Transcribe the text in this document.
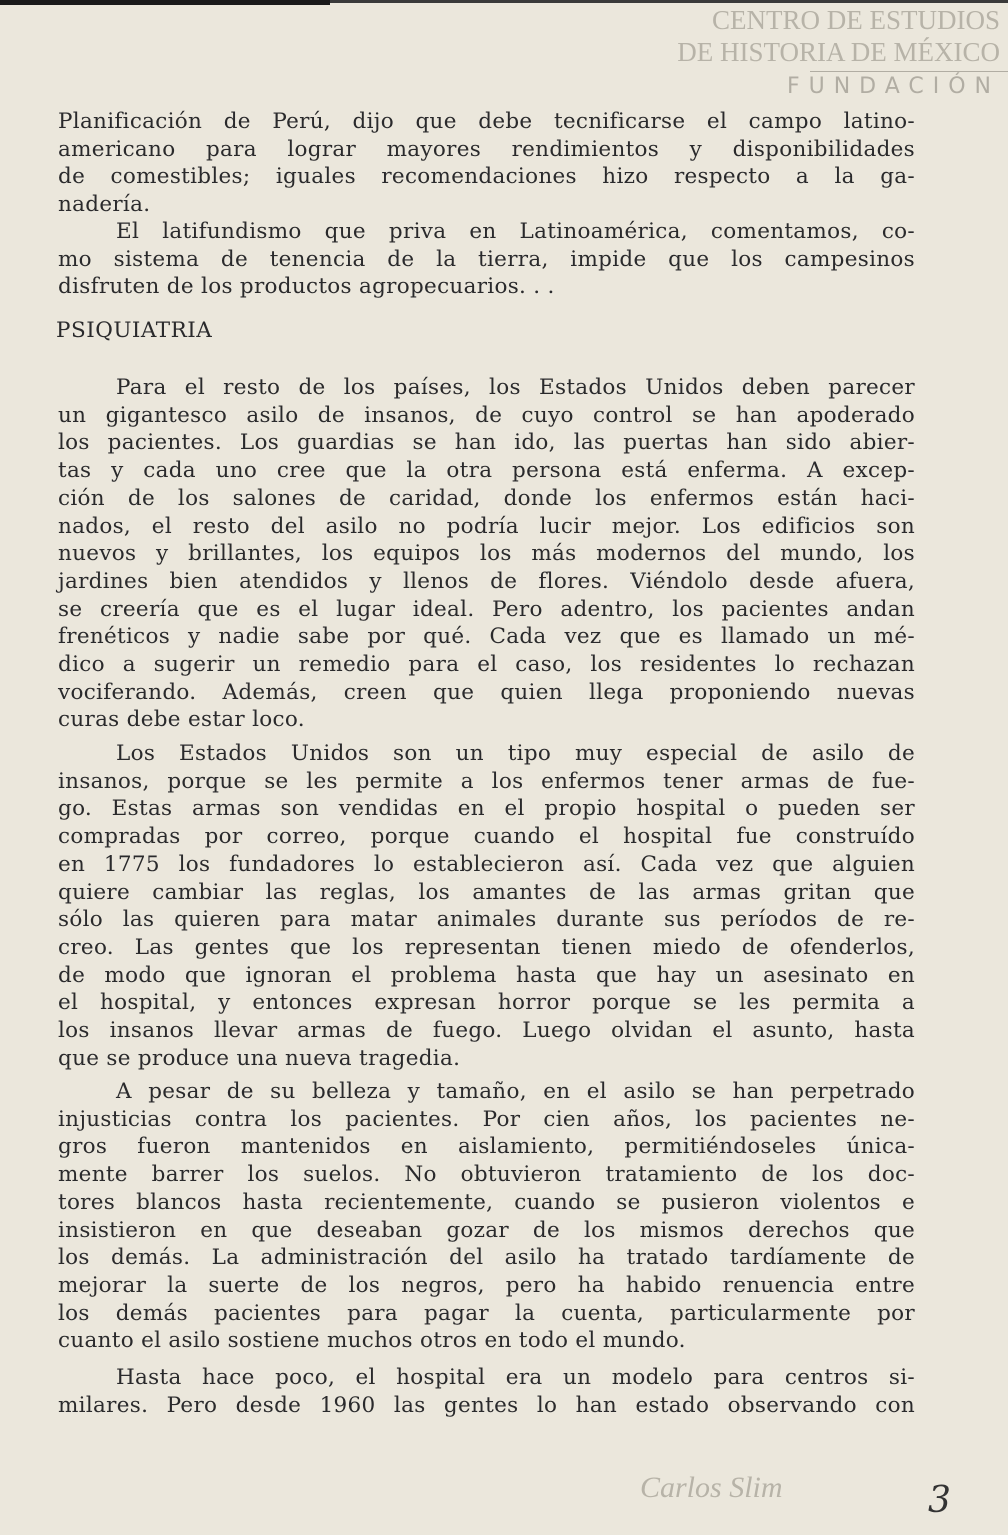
CENTRO DE ESTUDIOS
DE HISTORIA DE MÉXICO
FUNDACIÓN
Carlos Slim
Planificación de Perú, dijo que debe tecnificarse el campo latino-
americano para lograr mayores rendimientos y disponibilidades
de comestibles; iguales recomendaciones hizo respecto a la ga-
nadería.
El latifundismo que priva en Latinoamérica, comentamos, co-
mo sistema de tenencia de la tierra, impide que los campesinos
disfruten de los productos agropecuarios. . .
PSIQUIATRIA
Para el resto de los países, los Estados Unidos deben parecer
un gigantesco asilo de insanos, de cuyo control se han apoderado
los pacientes. Los guardias se han ido, las puertas han sido abier-
tas y cada uno cree que la otra persona está enferma. A excep-
ción de los salones de caridad, donde los enfermos están haci-
nados, el resto del asilo no podría lucir mejor. Los edificios son
nuevos y brillantes, los equipos los más modernos del mundo, los
jardines bien atendidos y llenos de flores. Viéndolo desde afuera,
se creería que es el lugar ideal. Pero adentro, los pacientes andan
frenéticos y nadie sabe por qué. Cada vez que es llamado un mé-
dico a sugerir un remedio para el caso, los residentes lo rechazan
vociferando. Además, creen que quien llega proponiendo nuevas
curas debe estar loco.
Los Estados Unidos son un tipo muy especial de asilo de
insanos, porque se les permite a los enfermos tener armas de fue-
go. Estas armas son vendidas en el propio hospital o pueden ser
compradas por correo, porque cuando el hospital fue construído
en 1775 los fundadores lo establecieron así. Cada vez que alguien
quiere cambiar las reglas, los amantes de las armas gritan que
sólo las quieren para matar animales durante sus períodos de re-
creo. Las gentes que los representan tienen miedo de ofenderlos,
de modo que ignoran el problema hasta que hay un asesinato en
el hospital, y entonces expresan horror porque se les permita a
los insanos llevar armas de fuego. Luego olvidan el asunto, hasta
que se produce una nueva tragedia.
A pesar de su belleza y tamaño, en el asilo se han perpetrado
injusticias contra los pacientes. Por cien años, los pacientes ne-
gros fueron mantenidos en aislamiento, permitiéndoseles única-
mente barrer los suelos. No obtuvieron tratamiento de los doc-
tores blancos hasta recientemente, cuando se pusieron violentos e
insistieron en que deseaban gozar de los mismos derechos que
los demás. La administración del asilo ha tratado tardíamente de
mejorar la suerte de los negros, pero ha habido renuencia entre
los demás pacientes para pagar la cuenta, particularmente por
cuanto el asilo sostiene muchos otros en todo el mundo.
Hasta hace poco, el hospital era un modelo para centros si-
milares. Pero desde 1960 las gentes lo han estado observando con
3
